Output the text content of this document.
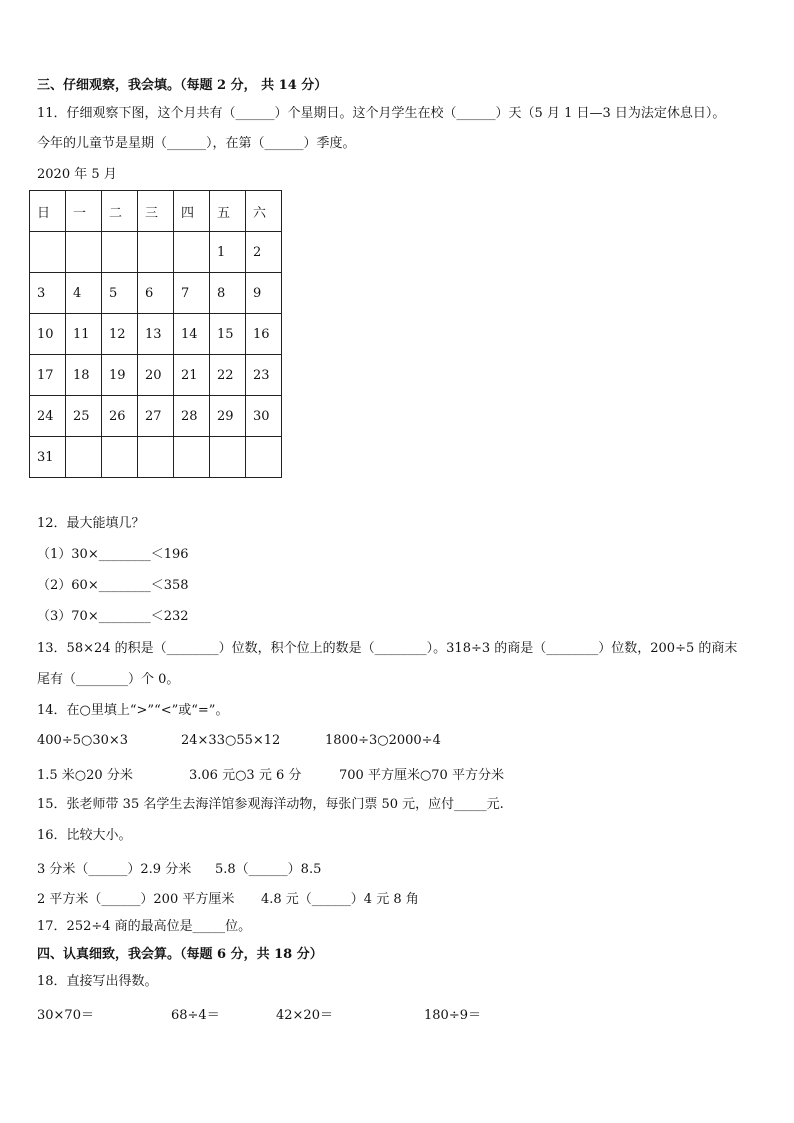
三、仔细观察，我会填。（每题 2 分， 共 14 分）
11．仔细观察下图，这个月共有（______）个星期日。这个月学生在校（______）天（5 月 1 日—3 日为法定休息日）。
今年的儿童节是星期（______），在第（______）季度。
2020 年 5 月
日	一	二	三	四	五	六
					1	2
3	4	5	6	7	8	9
10	11	12	13	14	15	16
17	18	19	20	21	22	23
24	25	26	27	28	29	30
31						
12．最大能填几？
（1）30×________＜196
（2）60×________＜358
（3）70×________＜232
13．58×24 的积是（________）位数，积个位上的数是（________）。318÷3 的商是（________）位数，200÷5 的商末
尾有（________）个 0。
14．在○里填上“>”“<”或“=”。
400÷5○30×3	24×33○55×12	1800÷3○2000÷4
1.5 米○20 分米	3.06 元○3 元 6 分	700 平方厘米○70 平方分米
15．张老师带 35 名学生去海洋馆参观海洋动物，每张门票 50 元，应付_____元.
16．比较大小。
3 分米（______）2.9 分米 5.8（______）8.5
2 平方米（______）200 平方厘米 4.8 元（______）4 元 8 角
17．252÷4 商的最高位是_____位。
四、认真细致，我会算。（每题 6 分，共 18 分）
18．直接写出得数。
30×70＝	68÷4＝	42×20＝	180÷9＝
